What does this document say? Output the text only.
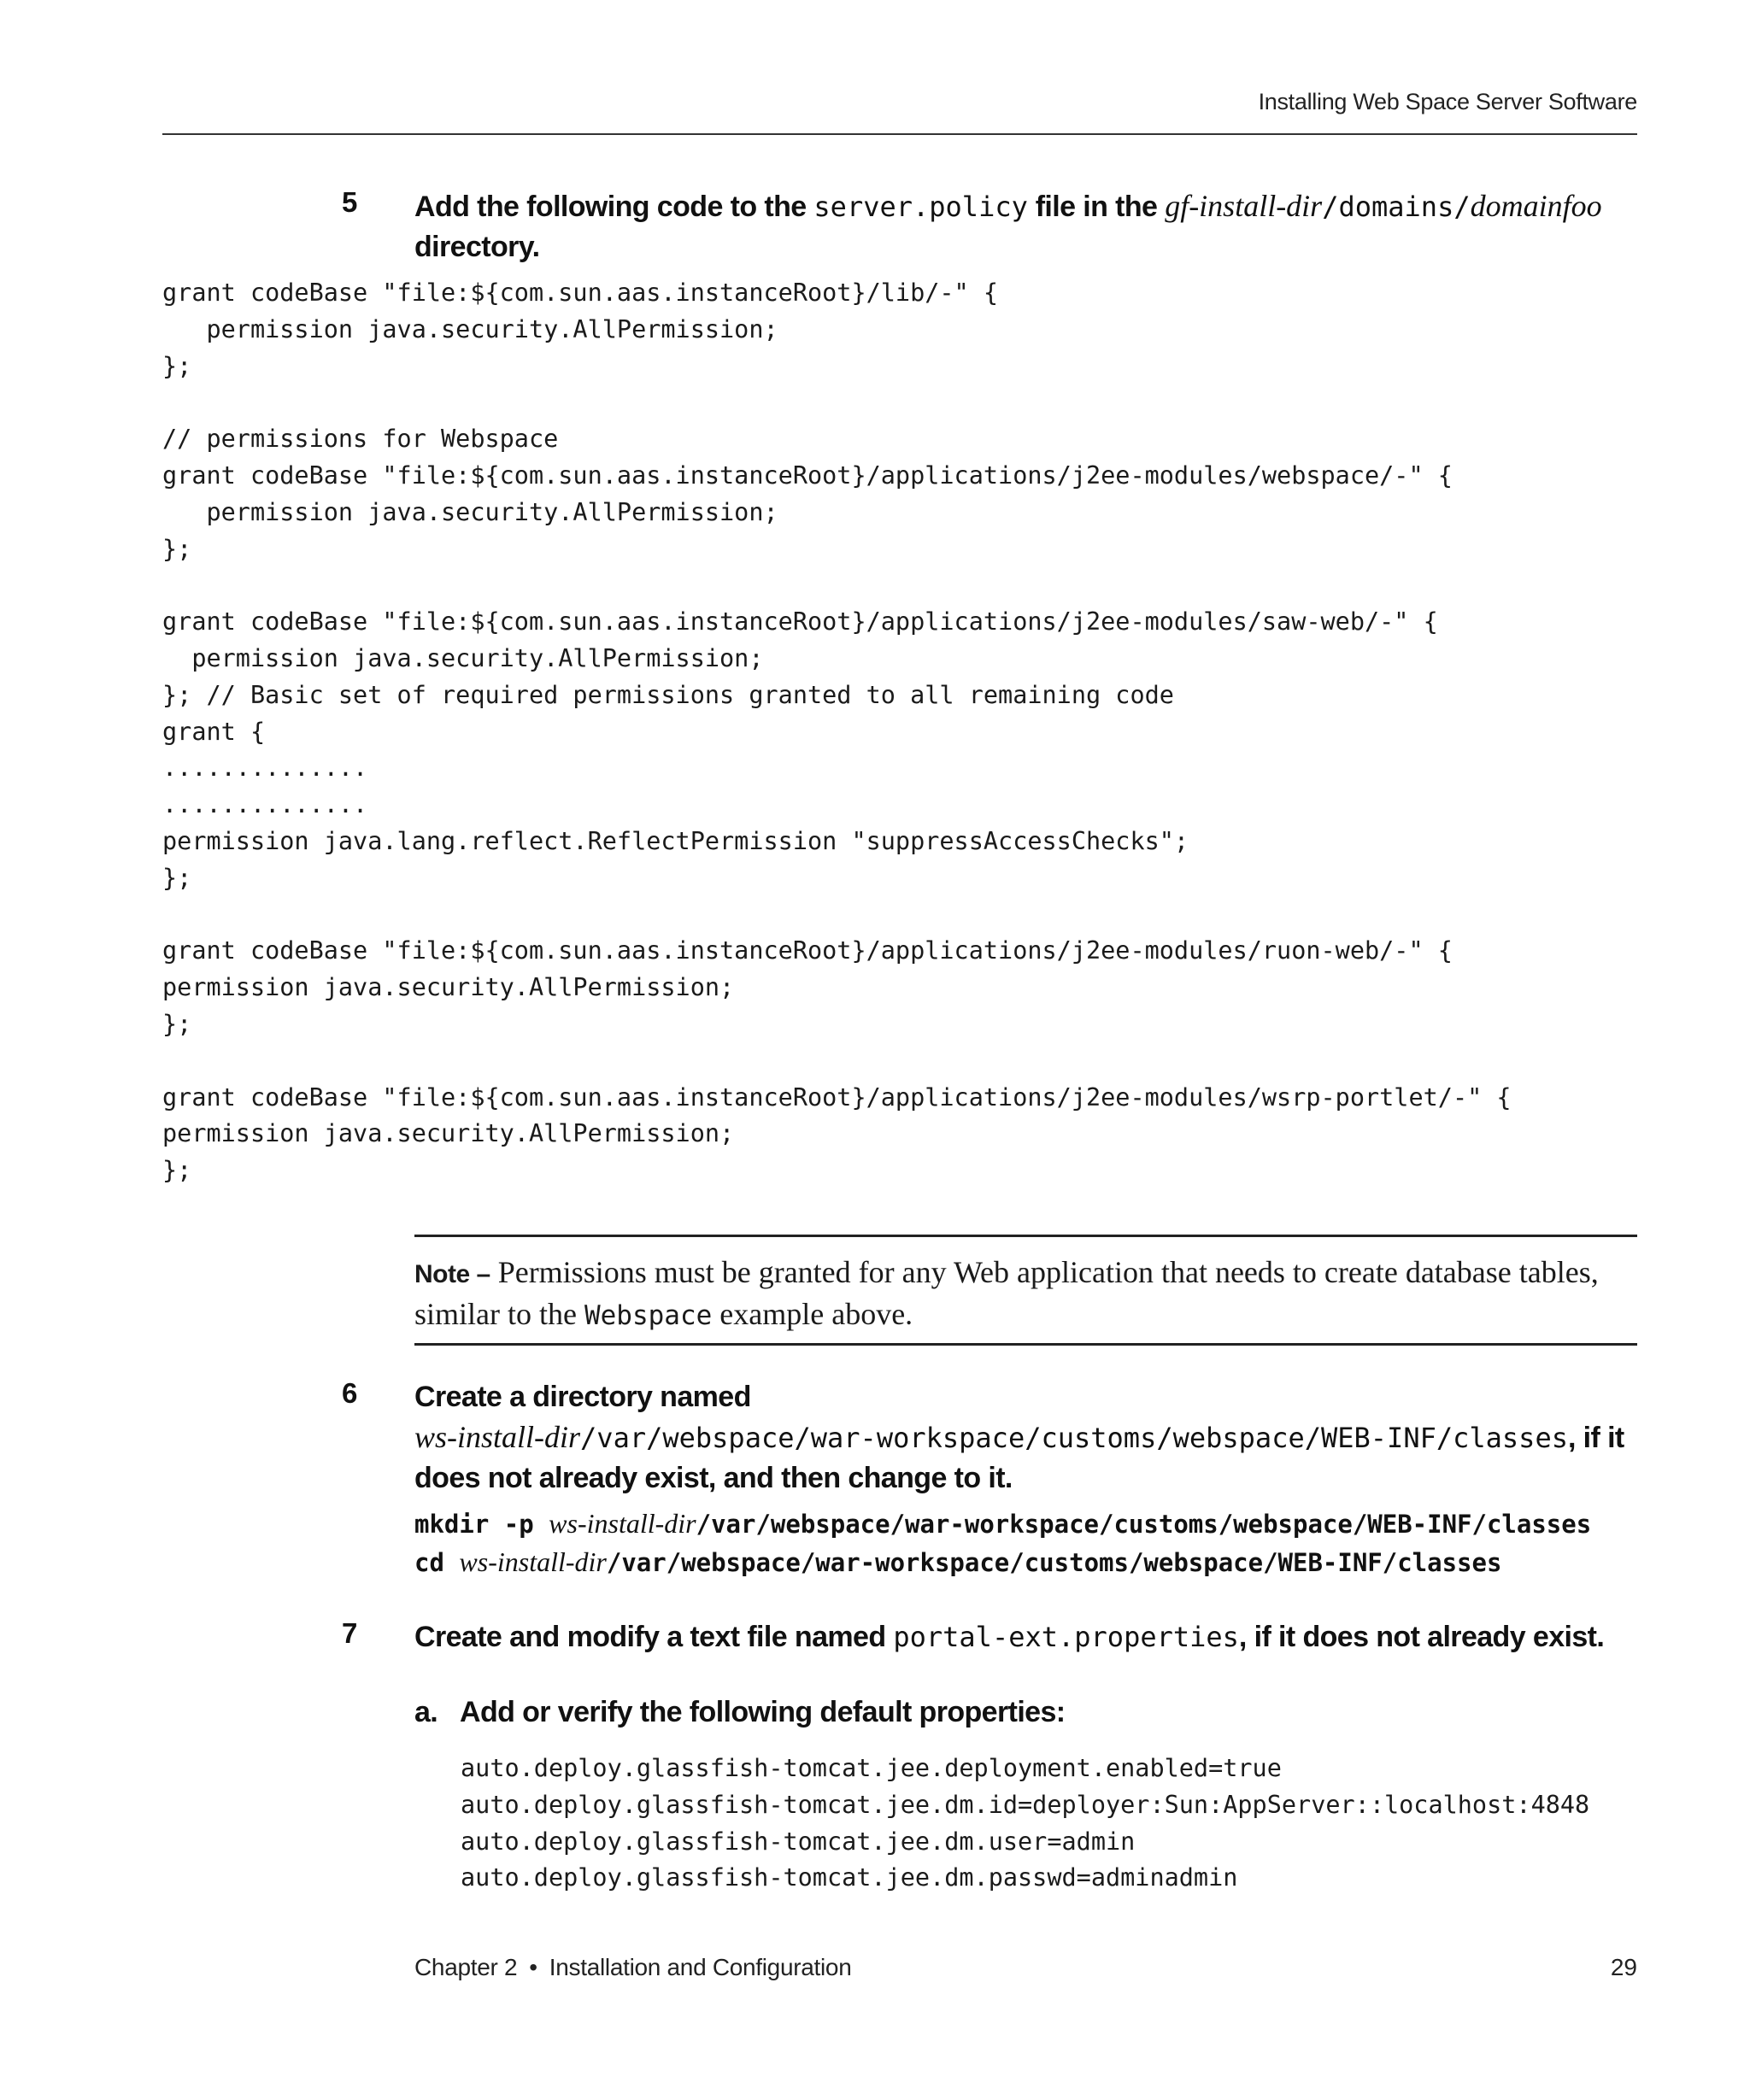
Installing Web Space Server Software
5 Add the following code to the server.policy file in the gf-install-dir/domains/domainfoo
directory.
grant codeBase "file:${com.sun.aas.instanceRoot}/lib/-" {
permission java.security.AllPermission;
};

// permissions for Webspace
grant codeBase "file:${com.sun.aas.instanceRoot}/applications/j2ee-modules/webspace/-" {
permission java.security.AllPermission;
};

grant codeBase "file:${com.sun.aas.instanceRoot}/applications/j2ee-modules/saw-web/-" {
permission java.security.AllPermission;
}; // Basic set of required permissions granted to all remaining code
grant {
..............
..............
permission java.lang.reflect.ReflectPermission "suppressAccessChecks";
};

grant codeBase "file:${com.sun.aas.instanceRoot}/applications/j2ee-modules/ruon-web/-" {
permission java.security.AllPermission;
};

grant codeBase "file:${com.sun.aas.instanceRoot}/applications/j2ee-modules/wsrp-portlet/-" {
permission java.security.AllPermission;
};
Note – Permissions must be granted for any Web application that needs to create database tables, similar to the Webspace example above.
6 Create a directory named
ws-install-dir/var/webspace/war-workspace/customs/webspace/WEB-INF/classes, if it
does not already exist, and then change to it.
mkdir -p ws-install-dir/var/webspace/war-workspace/customs/webspace/WEB-INF/classes
cd ws-install-dir/var/webspace/war-workspace/customs/webspace/WEB-INF/classes
7 Create and modify a text file named portal-ext.properties, if it does not already exist.
a. Add or verify the following default properties:
auto.deploy.glassfish-tomcat.jee.deployment.enabled=true
auto.deploy.glassfish-tomcat.jee.dm.id=deployer:Sun:AppServer::localhost:4848
auto.deploy.glassfish-tomcat.jee.dm.user=admin
auto.deploy.glassfish-tomcat.jee.dm.passwd=adminadmin
Chapter 2 • Installation and Configuration	29
